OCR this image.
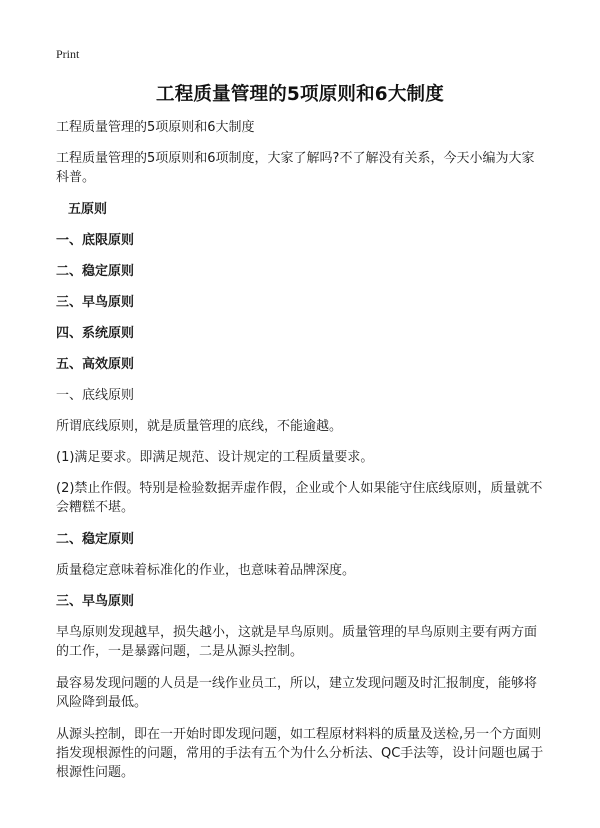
Print
工程质量管理的5项原则和6大制度

工程质量管理的5项原则和6大制度

工程质量管理的5项原则和6项制度，大家了解吗?不了解没有关系，今天小编为大家科普。

五原则

一、底限原则

二、稳定原则

三、早鸟原则

四、系统原则

五、高效原则

一、底线原则

所谓底线原则，就是质量管理的底线，不能逾越。

(1)满足要求。即满足规范、设计规定的工程质量要求。

(2)禁止作假。特别是检验数据弄虚作假，企业或个人如果能守住底线原则，质量就不会糟糕不堪。

二、稳定原则

质量稳定意味着标准化的作业，也意味着品牌深度。

三、早鸟原则

早鸟原则发现越早，损失越小，这就是早鸟原则。质量管理的早鸟原则主要有两方面的工作，一是暴露问题，二是从源头控制。

最容易发现问题的人员是一线作业员工，所以，建立发现问题及时汇报制度，能够将风险降到最低。

从源头控制，即在一开始时即发现问题，如工程原材料料的质量及送检,另一个方面则指发现根源性的问题，常用的手法有五个为什么分析法、QC手法等，设计问题也属于根源性问题。
